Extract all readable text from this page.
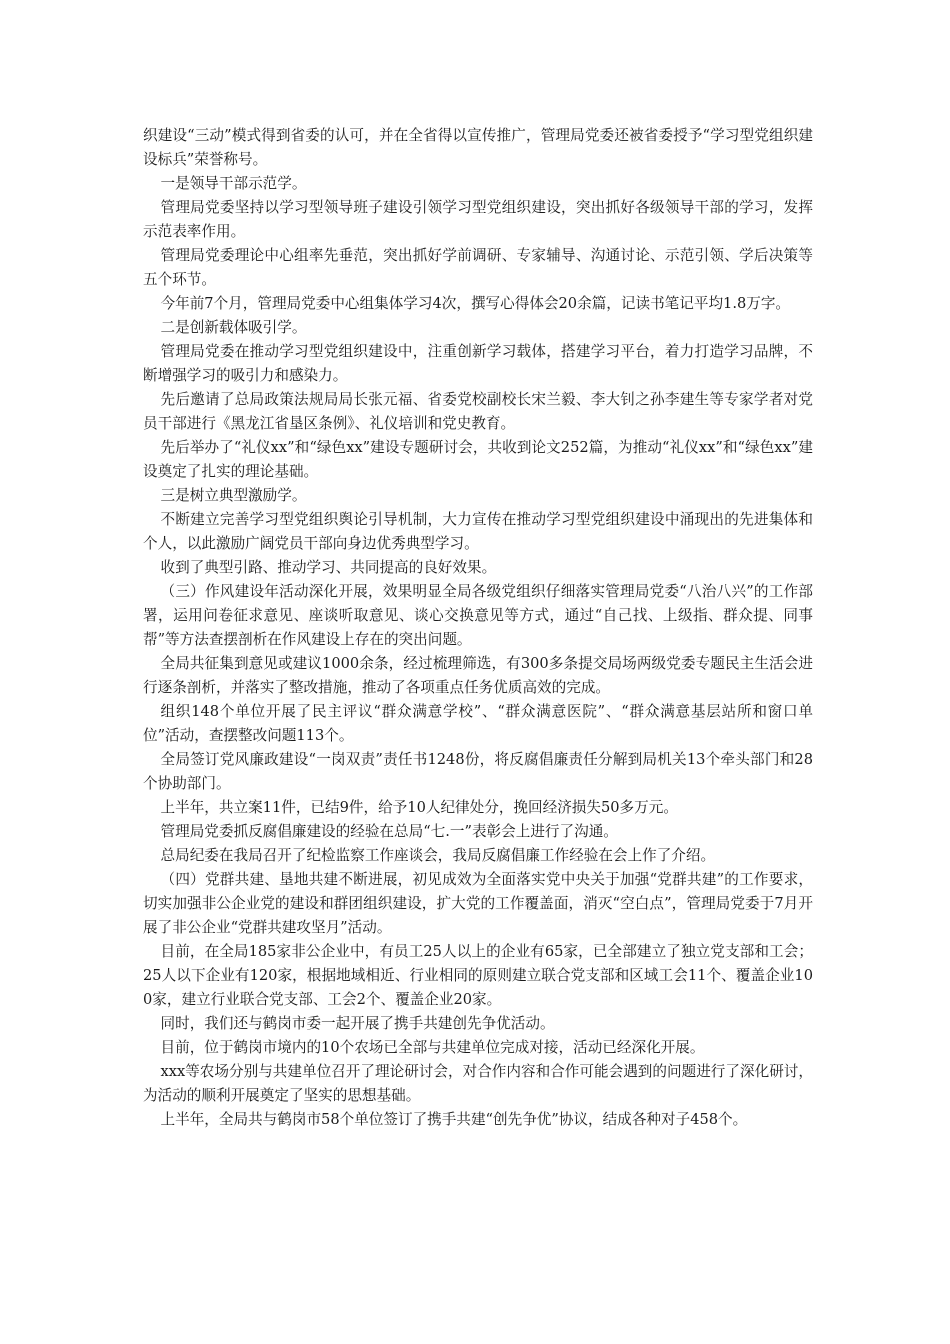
织建设“三动”模式得到省委的认可，并在全省得以宣传推广，管理局党委还被省委授予“学习型党组织建设标兵”荣誉称号。

一是领导干部示范学。

管理局党委坚持以学习型领导班子建设引领学习型党组织建设，突出抓好各级领导干部的学习，发挥示范表率作用。

管理局党委理论中心组率先垂范，突出抓好学前调研、专家辅导、沟通讨论、示范引领、学后决策等五个环节。

今年前7个月，管理局党委中心组集体学习4次，撰写心得体会20余篇，记读书笔记平均1.8万字。

二是创新载体吸引学。

管理局党委在推动学习型党组织建设中，注重创新学习载体，搭建学习平台，着力打造学习品牌，不断增强学习的吸引力和感染力。

先后邀请了总局政策法规局局长张元福、省委党校副校长宋兰毅、李大钊之孙李建生等专家学者对党员干部进行《黑龙江省垦区条例》、礼仪培训和党史教育。

先后举办了“礼仪xx”和“绿色xx”建设专题研讨会，共收到论文252篇，为推动“礼仪xx”和“绿色xx”建设奠定了扎实的理论基础。

三是树立典型激励学。

不断建立完善学习型党组织舆论引导机制，大力宣传在推动学习型党组织建设中涌现出的先进集体和个人，以此激励广阔党员干部向身边优秀典型学习。

收到了典型引路、推动学习、共同提高的良好效果。

（三）作风建设年活动深化开展，效果明显全局各级党组织仔细落实管理局党委“八治八兴”的工作部署，运用问卷征求意见、座谈听取意见、谈心交换意见等方式，通过“自己找、上级指、群众提、同事帮”等方法查摆剖析在作风建设上存在的突出问题。

全局共征集到意见或建议1000余条，经过梳理筛选，有300多条提交局场两级党委专题民主生活会进行逐条剖析，并落实了整改措施，推动了各项重点任务优质高效的完成。

组织148个单位开展了民主评议“群众满意学校”、“群众满意医院”、“群众满意基层站所和窗口单位”活动，查摆整改问题113个。

全局签订党风廉政建设“一岗双责”责任书1248份，将反腐倡廉责任分解到局机关13个牵头部门和28个协助部门。

上半年，共立案11件，已结9件，给予10人纪律处分，挽回经济损失50多万元。

管理局党委抓反腐倡廉建设的经验在总局“七.一”表彰会上进行了沟通。

总局纪委在我局召开了纪检监察工作座谈会，我局反腐倡廉工作经验在会上作了介绍。

（四）党群共建、垦地共建不断进展，初见成效为全面落实党中央关于加强“党群共建”的工作要求，切实加强非公企业党的建设和群团组织建设，扩大党的工作覆盖面，消灭“空白点”，管理局党委于7月开展了非公企业“党群共建攻坚月”活动。

目前，在全局185家非公企业中，有员工25人以上的企业有65家，已全部建立了独立党支部和工会；25人以下企业有120家，根据地域相近、行业相同的原则建立联合党支部和区域工会11个、覆盖企业100家，建立行业联合党支部、工会2个、覆盖企业20家。

同时，我们还与鹤岗市委一起开展了携手共建创先争优活动。

目前，位于鹤岗市境内的10个农场已全部与共建单位完成对接，活动已经深化开展。

xxx等农场分别与共建单位召开了理论研讨会，对合作内容和合作可能会遇到的问题进行了深化研讨，为活动的顺利开展奠定了坚实的思想基础。

上半年，全局共与鹤岗市58个单位签订了携手共建“创先争优”协议，结成各种对子458个。
